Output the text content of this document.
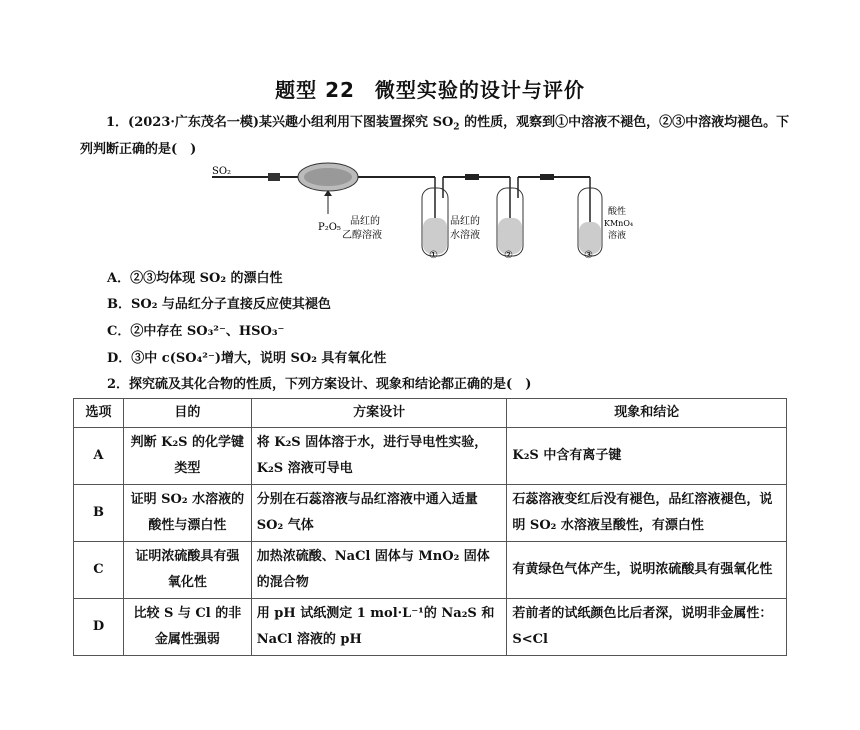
题型 22 微型实验的设计与评价
1．(2023·广东茂名一模)某兴趣小组利用下图装置探究 $SO_2$ 的性质，观察到①中溶液不褪色，②③中溶液均褪色。下列判断正确的是(　)
SO₂
P₂O₅
品红的
乙醇溶液
①
品红的
水溶液
②
酸性
KMnO₄
溶液
③
A．②③均体现 SO₂ 的漂白性
B．SO₂ 与品红分子直接反应使其褪色
C．②中存在 SO₃²⁻、HSO₃⁻
D．③中 c(SO₄²⁻)增大，说明 SO₂ 具有氧化性
2．探究硫及其化合物的性质，下列方案设计、现象和结论都正确的是(　)
选项	目的	方案设计	现象和结论
A	判断 K₂S 的化学键类型	将 K₂S 固体溶于水，进行导电性实验，K₂S 溶液可导电	K₂S 中含有离子键
B	证明 SO₂ 水溶液的酸性与漂白性	分别在石蕊溶液与品红溶液中通入适量 SO₂ 气体	石蕊溶液变红后没有褪色，品红溶液褪色，说明 SO₂ 水溶液呈酸性，有漂白性
C	证明浓硫酸具有强氧化性	加热浓硫酸、NaCl 固体与 MnO₂ 固体的混合物	有黄绿色气体产生，说明浓硫酸具有强氧化性
D	比较 S 与 Cl 的非金属性强弱	用 pH 试纸测定 1 mol·L⁻¹的 Na₂S 和 NaCl 溶液的 pH	若前者的试纸颜色比后者深，说明非金属性：S<Cl
